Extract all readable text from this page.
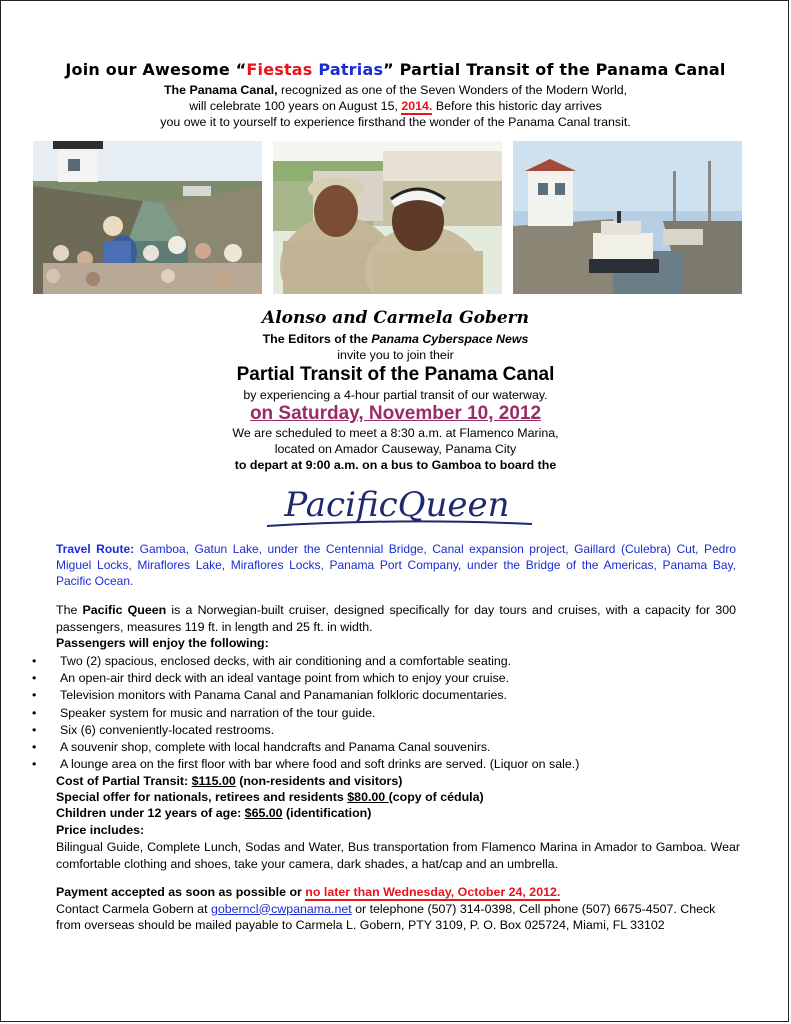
Join our Awesome “Fiestas Patrias” Partial Transit of the Panama Canal
The Panama Canal, recognized as one of the Seven Wonders of the Modern World,
will celebrate 100 years on August 15, 2014. Before this historic day arrives
you owe it to yourself to experience firsthand the wonder of the Panama Canal transit.
Alonso and Carmela Gobern
The Editors of the Panama Cyberspace News
invite you to join their
Partial Transit of the Panama Canal
by experiencing a 4-hour partial transit of our waterway.
on Saturday, November 10, 2012
We are scheduled to meet a 8:30 a.m. at Flamenco Marina,
located on Amador Causeway, Panama City
to depart at 9:00 a.m. on a bus to Gamboa to board the
PacificQueen
Travel Route: Gamboa, Gatun Lake, under the Centennial Bridge, Canal expansion project, Gaillard (Culebra) Cut, Pedro Miguel Locks, Miraflores Lake, Miraflores Locks, Panama Port Company, under the Bridge of the Americas, Panama Bay, Pacific Ocean.
The Pacific Queen is a Norwegian-built cruiser, designed specifically for day tours and cruises, with a capacity for 300 passengers, measures 119 ft. in length and 25 ft. in width.
Passengers will enjoy the following:
• Two (2) spacious, enclosed decks, with air conditioning and a comfortable seating.
• An open-air third deck with an ideal vantage point from which to enjoy your cruise.
• Television monitors with Panama Canal and Panamanian folkloric documentaries.
• Speaker system for music and narration of the tour guide.
• Six (6) conveniently-located restrooms.
• A souvenir shop, complete with local handcrafts and Panama Canal souvenirs.
• A lounge area on the first floor with bar where food and soft drinks are served. (Liquor on sale.)
Cost of Partial Transit: $115.00 (non-residents and visitors)
Special offer for nationals, retirees and residents $80.00 (copy of cédula)
Children under 12 years of age: $65.00 (identification)
Price includes:
Bilingual Guide, Complete Lunch, Sodas and Water, Bus transportation from Flamenco Marina in Amador to Gamboa. Wear comfortable clothing and shoes, take your camera, dark shades, a hat/cap and an umbrella.
Payment accepted as soon as possible or no later than Wednesday, October 24, 2012.
Contact Carmela Gobern at goberncl@cwpanama.net or telephone (507) 314-0398, Cell phone (507) 6675-4507. Check from overseas should be mailed payable to Carmela L. Gobern, PTY 3109, P. O. Box 025724, Miami, FL 33102
